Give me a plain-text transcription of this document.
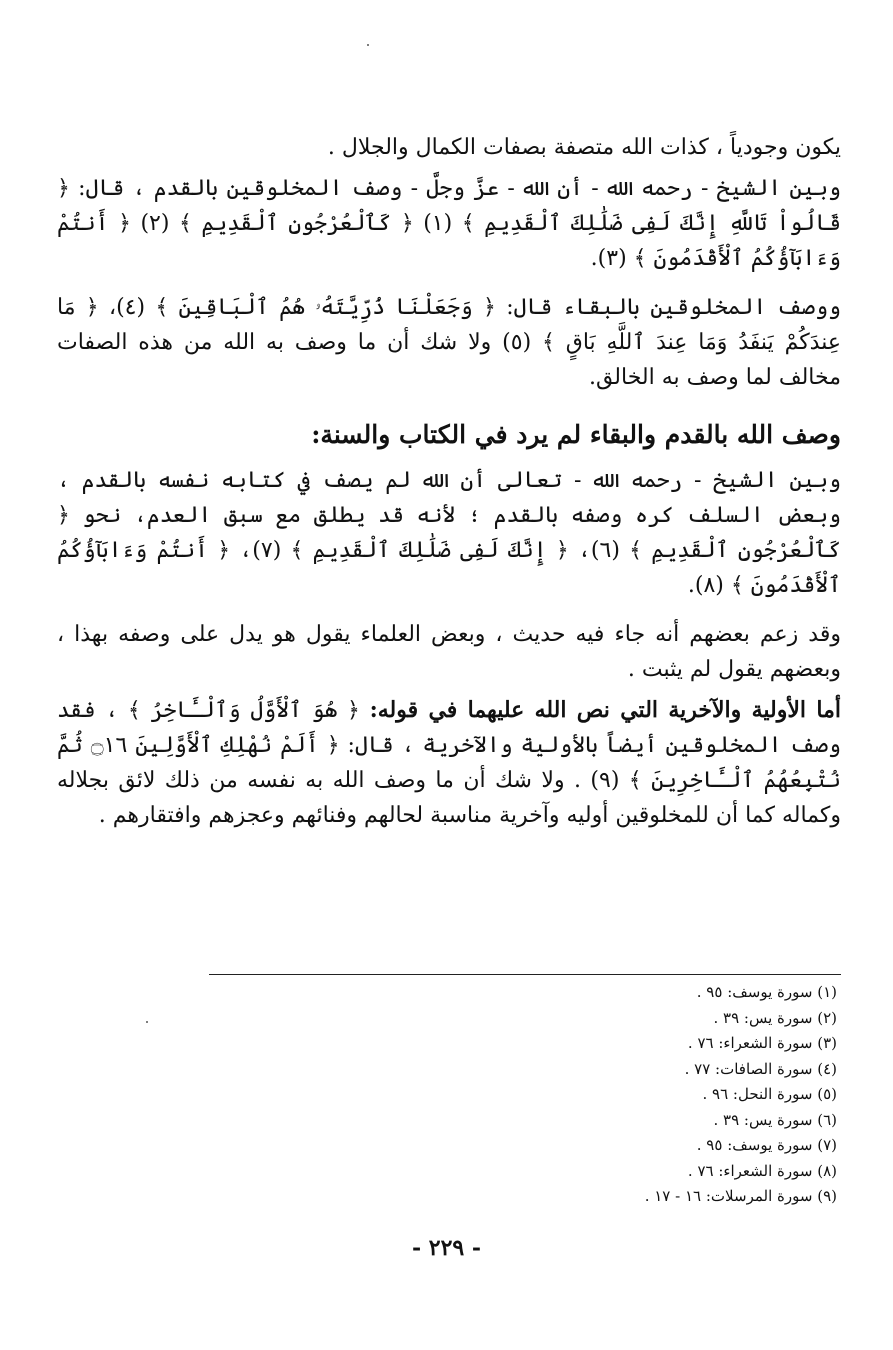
يكون وجودياً ، كذات الله متصفة بصفات الكمال والجلال .

وبين الشيخ - رحمه الله - أن الله - عزَّ وجلَّ - وصف المخلوقين بالقدم ، قال: ﴿ قَالُواْ تَاللَّهِ إِنَّكَ لَفِى ضَلَٰلِكَ ٱلْقَدِيمِ ﴾ (١) ﴿ كَٱلْعُرْجُونِ ٱلْقَدِيمِ ﴾ (٢) ﴿ أَنتُمْ وَءَابَآؤُكُمُ ٱلْأَقْدَمُونَ ﴾ (٣).

ووصف المخلوقين بالبقاء قال: ﴿ وَجَعَلْنَا ذُرِّيَّتَهُۥ هُمُ ٱلْبَاقِينَ ﴾ (٤)، ﴿ مَا عِندَكُمْ يَنفَدُ وَمَا عِندَ ٱللَّهِ بَاقٍ ﴾ (٥) ولا شك أن ما وصف به الله من هذه الصفات مخالف لما وصف به الخالق.

وصف الله بالقدم والبقاء لم يرد في الكتاب والسنة:

وبين الشيخ - رحمه الله - تعالى أن الله لم يصف في كتابه نفسه بالقدم ، وبعض السلف كره وصفه بالقدم ؛ لأنه قد يطلق مع سبق العدم، نحو ﴿ كَٱلْعُرْجُونِ ٱلْقَدِيمِ ﴾ (٦)، ﴿ إِنَّكَ لَفِى ضَلَٰلِكَ ٱلْقَدِيمِ ﴾ (٧)، ﴿ أَنتُمْ وَءَابَآؤُكُمُ ٱلْأَقْدَمُونَ ﴾ (٨).

وقد زعم بعضهم أنه جاء فيه حديث ، وبعض العلماء يقول هو يدل على وصفه بهذا ، وبعضهم يقول لم يثبت .

أما الأولية والآخرية التي نص الله عليهما في قوله: ﴿ هُوَ ٱلْأَوَّلُ وَٱلْـَٔاخِرُ ﴾ ، فقد وصف المخلوقين أيضاً بالأولية والآخرية ، قال: ﴿ أَلَمْ نُهْلِكِ ٱلْأَوَّلِينَ ۝١٦ ثُمَّ نُتْبِعُهُمُ ٱلْـَٔاخِرِينَ ﴾ (٩) . ولا شك أن ما وصف الله به نفسه من ذلك لائق بجلاله وكماله كما أن للمخلوقين أوليه وآخرية مناسبة لحالهم وفنائهم وعجزهم وافتقارهم .

(١) سورة يوسف: ٩٥ .
(٢) سورة يس: ٣٩ .
(٣) سورة الشعراء: ٧٦ .
(٤) سورة الصافات: ٧٧ .
(٥) سورة النحل: ٩٦ .
(٦) سورة يس: ٣٩ .
(٧) سورة يوسف: ٩٥ .
(٨) سورة الشعراء: ٧٦ .
(٩) سورة المرسلات: ١٦ - ١٧ .
- ٢٢٩ -
